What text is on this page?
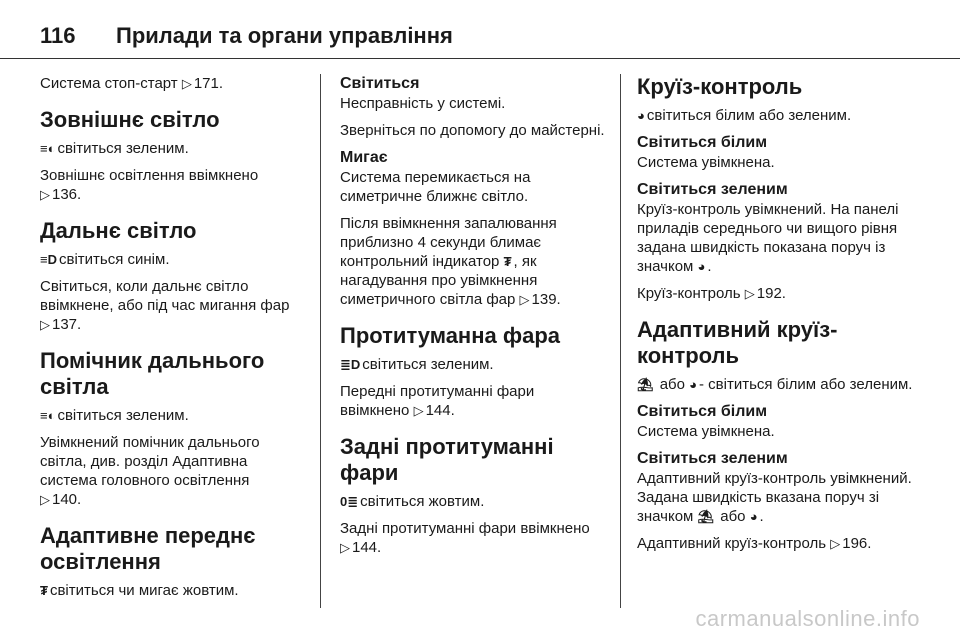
116	Прилади та органи управління

Система стоп-старт ▷ 171.

Зовнішнє світло

≡◐ світиться зеленим.

Зовнішнє освітлення ввімкнено
▷ 136.

Дальнє світло

≡D світиться синім.

Світиться, коли дальнє світло ввімкнене, або під час мигання фар
▷ 137.

Помічник дальнього світла

≡◐ світиться зеленим.

Увімкнений помічник дальнього світла, див. розділ Адаптивна система головного освітлення
▷ 140.

Адаптивне переднє освітлення

₮ світиться чи мигає жовтим.

Світиться

Несправність у системі.

Зверніться по допомогу до майстерні.

Мигає

Система перемикається на симетричне ближнє світло.

Після ввімкнення запалювання приблизно 4 секунди блимає контрольний індикатор ₮ , як нагадування про увімкнення симетричного світла фар ▷ 139.

Протитуманна фара

≣D світиться зеленим.

Передні протитуманні фари ввімкнено ▷ 144.

Задні протитуманні фари

0≣ світиться жовтим.

Задні протитуманні фари ввімкнено ▷ 144.

Круїз-контроль

◕ світиться білим або зеленим.

Світиться білим

Система увімкнена.

Світиться зеленим

Круїз-контроль увімкнений. На панелі приладів середнього чи вищого рівня задана швидкість показана поруч із значком ◕ .

Круїз-контроль ▷ 192.

Адаптивний круїз-контроль

⛱ або ◕ - світиться білим або зеленим.

Світиться білим

Система увімкнена.

Світиться зеленим

Адаптивний круїз-контроль увімкнений. Задана швидкість вказана поруч зі значком ⛱ або ◕ .

Адаптивний круїз-контроль ▷ 196.

carmanualsonline.info
